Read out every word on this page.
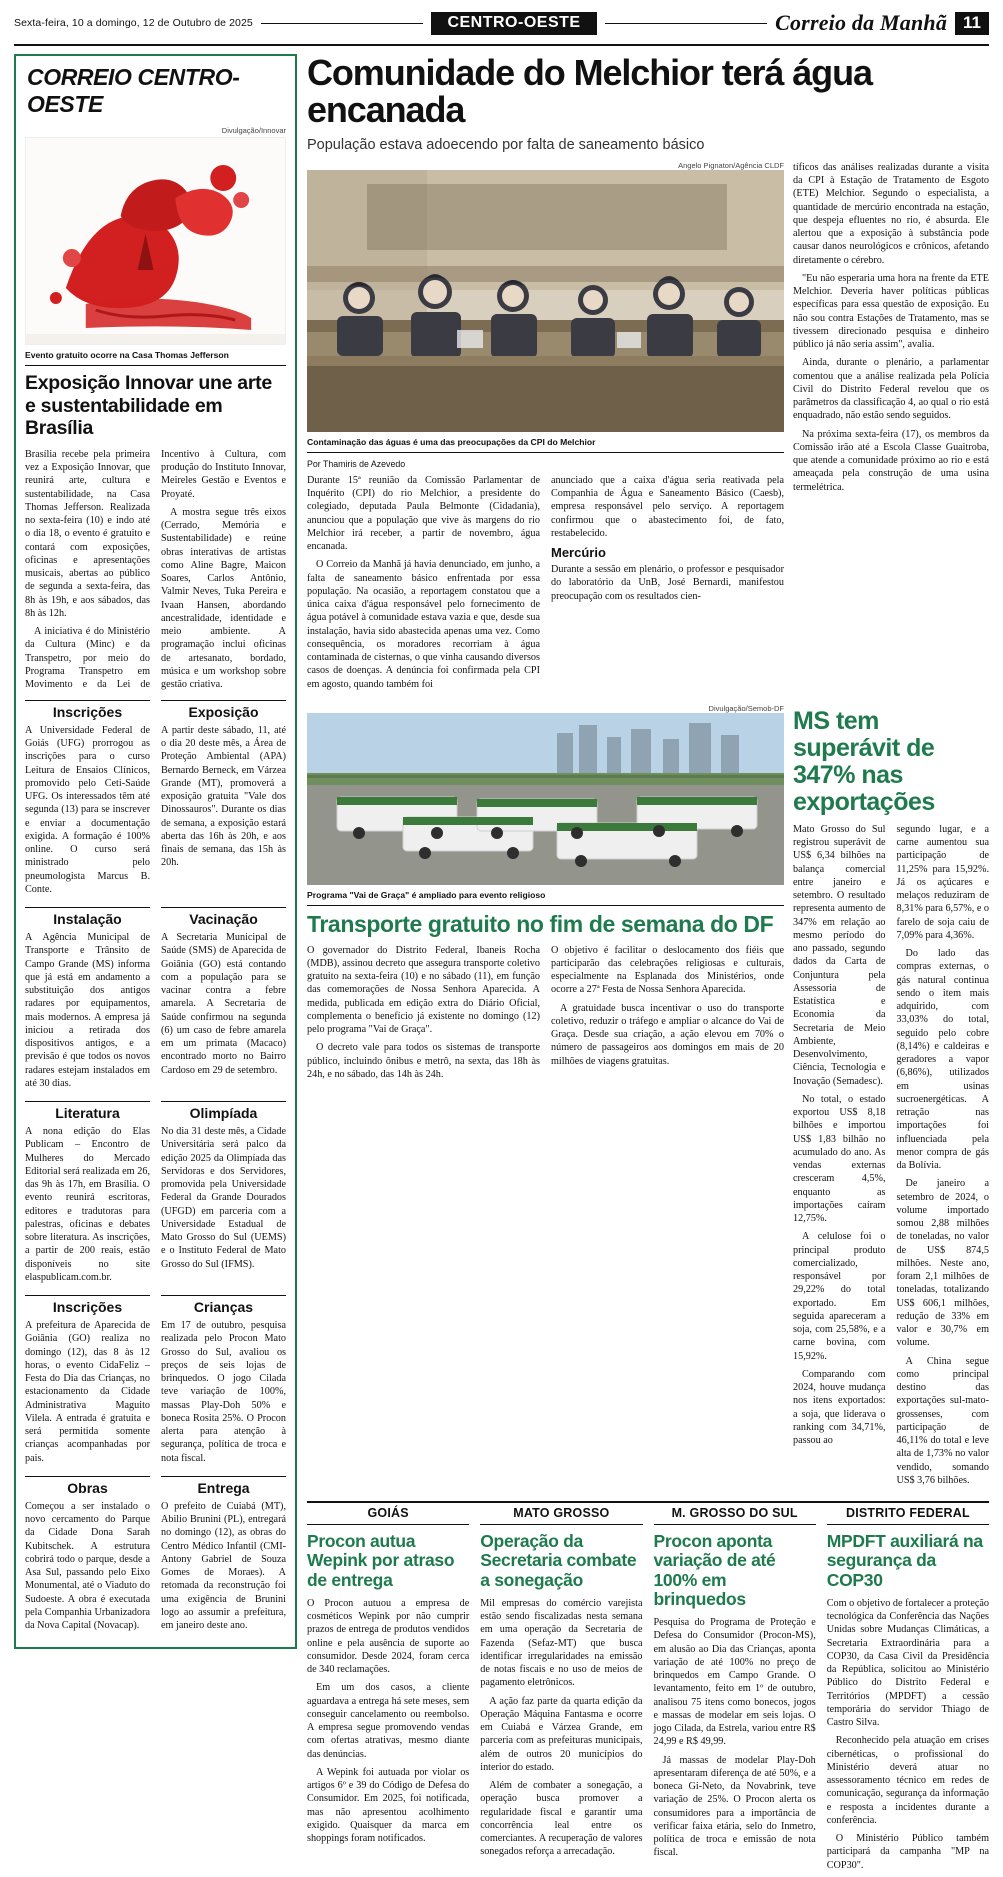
Sexta-feira, 10 a domingo, 12 de Outubro de 2025	CENTRO-OESTE	Correio da Manhã 11
CORREIO CENTRO-OESTE
Divulgação/Innovar
Evento gratuito ocorre na Casa Thomas Jefferson
Exposição Innovar une arte e sustentabilidade em Brasília

Brasília recebe pela primeira vez a Exposição Innovar, que reunirá arte, cultura e sustentabilidade, na Casa Thomas Jefferson. Realizada no sexta-feira (10) e indo até o dia 18, o evento é gratuito e contará com exposições, oficinas e apresentações musicais, abertas ao público de segunda a sexta-feira, das 8h às 19h, e aos sábados, das 8h às 12h.

A iniciativa é do Ministério da Cultura (Minc) e da Transpetro, por meio do Programa Transpetro em Movimento e da Lei de Incentivo à Cultura, com produção do Instituto Innovar, Meireles Gestão e Eventos e Proyaté.

A mostra segue três eixos (Cerrado, Memória e Sustentabilidade) e reúne obras interativas de artistas como Aline Bagre, Maicon Soares, Carlos Antônio, Valmir Neves, Tuka Pereira e Ivaan Hansen, abordando ancestralidade, identidade e meio ambiente. A programação inclui oficinas de artesanato, bordado, música e um workshop sobre gestão criativa.

Inscrições

A Universidade Federal de Goiás (UFG) prorrogou as inscrições para o curso Leitura de Ensaios Clínicos, promovido pelo Ceti-Saúde UFG. Os interessados têm até segunda (13) para se inscrever e enviar a documentação exigida. A formação é 100% online. O curso será ministrado pelo pneumologista Marcus B. Conte.

Exposição

A partir deste sábado, 11, até o dia 20 deste mês, a Área de Proteção Ambiental (APA) Bernardo Berneck, em Várzea Grande (MT), promoverá a exposição gratuita "Vale dos Dinossauros". Durante os dias de semana, a exposição estará aberta das 16h às 20h, e aos finais de semana, das 15h às 20h.

Instalação

A Agência Municipal de Transporte e Trânsito de Campo Grande (MS) informa que já está em andamento a substituição dos antigos radares por equipamentos, mais modernos. A empresa já iniciou a retirada dos dispositivos antigos, e a previsão é que todos os novos radares estejam instalados em até 30 dias.

Vacinação

A Secretaria Municipal de Saúde (SMS) de Aparecida de Goiânia (GO) está contando com a população para se vacinar contra a febre amarela. A Secretaria de Saúde confirmou na segunda (6) um caso de febre amarela em um primata (Macaco) encontrado morto no Bairro Cardoso em 29 de setembro.

Literatura

A nona edição do Elas Publicam – Encontro de Mulheres do Mercado Editorial será realizada em 26, das 9h às 17h, em Brasília. O evento reunirá escritoras, editores e tradutoras para palestras, oficinas e debates sobre literatura. As inscrições, a partir de 200 reais, estão disponíveis no site elaspublicam.com.br.

Olimpíada

No dia 31 deste mês, a Cidade Universitária será palco da edição 2025 da Olimpíada das Servidoras e dos Servidores, promovida pela Universidade Federal da Grande Dourados (UFGD) em parceria com a Universidade Estadual de Mato Grosso do Sul (UEMS) e o Instituto Federal de Mato Grosso do Sul (IFMS).

Inscrições

A prefeitura de Aparecida de Goiânia (GO) realiza no domingo (12), das 8 às 12 horas, o evento CidaFeliz – Festa do Dia das Crianças, no estacionamento da Cidade Administrativa Maguito Vilela. A entrada é gratuita e será permitida somente crianças acompanhadas por pais.

Crianças

Em 17 de outubro, pesquisa realizada pelo Procon Mato Grosso do Sul, avaliou os preços de seis lojas de brinquedos. O jogo Cilada teve variação de 100%, massas Play-Doh 50% e boneca Rosita 25%. O Procon alerta para atenção à segurança, política de troca e nota fiscal.

Obras

Começou a ser instalado o novo cercamento do Parque da Cidade Dona Sarah Kubitschek. A estrutura cobrirá todo o parque, desde a Asa Sul, passando pelo Eixo Monumental, até o Viaduto do Sudoeste. A obra é executada pela Companhia Urbanizadora da Nova Capital (Novacap).

Entrega

O prefeito de Cuiabá (MT), Abilio Brunini (PL), entregará no domingo (12), as obras do Centro Médico Infantil (CMI- Antony Gabriel de Souza Gomes de Moraes). A retomada da reconstrução foi uma exigência de Brunini logo ao assumir a prefeitura, em janeiro deste ano.

Comunidade do Melchior terá água encanada
População estava adoecendo por falta de saneamento básico
Angelo Pignaton/Agência CLDF
Contaminação das águas é uma das preocupações da CPI do Melchior
Por Thamiris de Azevedo

Durante 15ª reunião da Comissão Parlamentar de Inquérito (CPI) do rio Melchior, a presidente do colegiado, deputada Paula Belmonte (Cidadania), anunciou que a população que vive às margens do rio Melchior irá receber, a partir de novembro, água encanada.

O Correio da Manhã já havia denunciado, em junho, a falta de saneamento básico enfrentada por essa população. Na ocasião, a reportagem constatou que a única caixa d'água responsável pelo fornecimento de água potável à comunidade estava vazia e que, desde sua instalação, havia sido abastecida apenas uma vez. Como consequência, os moradores recorriam à água contaminada de cisternas, o que vinha causando diversos casos de doenças. A denúncia foi confirmada pela CPI em agosto, quando também foi

anunciado que a caixa d'água seria reativada pela Companhia de Água e Saneamento Básico (Caesb), empresa responsável pelo serviço. A reportagem confirmou que o abastecimento foi, de fato, restabelecido.

Mercúrio

Durante a sessão em plenário, o professor e pesquisador do laboratório da UnB, José Bernardi, manifestou preocupação com os resultados cien-

tíficos das análises realizadas durante a visita da CPI à Estação de Tratamento de Esgoto (ETE) Melchior. Segundo o especialista, a quantidade de mercúrio encontrada na estação, que despeja efluentes no rio, é absurda. Ele alertou que a exposição à substância pode causar danos neurológicos e crônicos, afetando diretamente o cérebro.

"Eu não esperaria uma hora na frente da ETE Melchior. Deveria haver políticas públicas específicas para essa questão de exposição. Eu não sou contra Estações de Tratamento, mas se tivessem direcionado pesquisa e dinheiro público já não seria assim", avalia.

Ainda, durante o plenário, a parlamentar comentou que a análise realizada pela Polícia Civil do Distrito Federal revelou que os parâmetros da classificação 4, ao qual o rio está enquadrado, não estão sendo seguidos.

Na próxima sexta-feira (17), os membros da Comissão irão até a Escola Classe Guaitroba, que atende a comunidade próximo ao rio e está ameaçada pela construção de uma usina termelétrica.

Divulgação/Semob-DF
Programa "Vai de Graça" é ampliado para evento religioso
Transporte gratuito no fim de semana do DF

O governador do Distrito Federal, Ibaneis Rocha (MDB), assinou decreto que assegura transporte coletivo gratuito na sexta-feira (10) e no sábado (11), em função das comemorações de Nossa Senhora Aparecida. A medida, publicada em edição extra do Diário Oficial, complementa o benefício já existente no domingo (12) pelo programa "Vai de Graça".

O decreto vale para todos os sistemas de transporte público, incluindo ônibus e metrô, na sexta, das 18h às 24h, e no sábado, das 14h às 24h.

O objetivo é facilitar o deslocamento dos fiéis que participarão das celebrações religiosas e culturais, especialmente na Esplanada dos Ministérios, onde ocorre a 27ª Festa de Nossa Senhora Aparecida.

A gratuidade busca incentivar o uso do transporte coletivo, reduzir o tráfego e ampliar o alcance do Vai de Graça. Desde sua criação, a ação elevou em 70% o número de passageiros aos domingos em mais de 20 milhões de viagens gratuitas.

MS tem superávit de 347% nas exportações

Mato Grosso do Sul registrou superávit de US$ 6,34 bilhões na balança comercial entre janeiro e setembro. O resultado representa aumento de 347% em relação ao mesmo período do ano passado, segundo dados da Carta de Conjuntura pela Assessoria de Estatística e Economia da Secretaria de Meio Ambiente, Desenvolvimento, Ciência, Tecnologia e Inovação (Semadesc).

No total, o estado exportou US$ 8,18 bilhões e importou US$ 1,83 bilhão no acumulado do ano. As vendas externas cresceram 4,5%, enquanto as importações caíram 12,75%.

A celulose foi o principal produto comercializado, responsável por 29,22% do total exportado. Em seguida apareceram a soja, com 25,58%, e a carne bovina, com 15,92%.

Comparando com 2024, houve mudança nos itens exportados: a soja, que liderava o ranking com 34,71%, passou ao

segundo lugar, e a carne aumentou sua participação de 11,25% para 15,92%. Já os açúcares e melaços reduziram de 8,31% para 6,57%, e o farelo de soja caiu de 7,09% para 4,36%.

Do lado das compras externas, o gás natural continua sendo o item mais adquirido, com 33,03% do total, seguido pelo cobre (8,14%) e caldeiras e geradores a vapor (6,86%), utilizados em usinas sucroenergéticas. A retração nas importações foi influenciada pela menor compra de gás da Bolívia.

De janeiro a setembro de 2024, o volume importado somou 2,88 milhões de toneladas, no valor de US$ 874,5 milhões. Neste ano, foram 2,1 milhões de toneladas, totalizando US$ 606,1 milhões, redução de 33% em valor e 30,7% em volume.

A China segue como principal destino das exportações sul-mato-grossenses, com participação de 46,11% do total e leve alta de 1,73% no valor vendido, somando US$ 3,76 bilhões.

GOIÁS
Procon autua Wepink por atraso de entrega

O Procon autuou a empresa de cosméticos Wepink por não cumprir prazos de entrega de produtos vendidos online e pela ausência de suporte ao consumidor. Desde 2024, foram cerca de 340 reclamações.

Em um dos casos, a cliente aguardava a entrega há sete meses, sem conseguir cancelamento ou reembolso. A empresa segue promovendo vendas com ofertas atrativas, mesmo diante das denúncias.

A Wepink foi autuada por violar os artigos 6º e 39 do Código de Defesa do Consumidor. Em 2025, foi notificada, mas não apresentou acolhimento exigido. Quaisquer da marca em shoppings foram notificados.

MATO GROSSO
Operação da Secretaria combate a sonegação

Mil empresas do comércio varejista estão sendo fiscalizadas nesta semana em uma operação da Secretaria de Fazenda (Sefaz-MT) que busca identificar irregularidades na emissão de notas fiscais e no uso de meios de pagamento eletrônicos.

A ação faz parte da quarta edição da Operação Máquina Fantasma e ocorre em Cuiabá e Várzea Grande, em parceria com as prefeituras municipais, além de outros 20 municípios do interior do estado.

Além de combater a sonegação, a operação busca promover a regularidade fiscal e garantir uma concorrência leal entre os comerciantes. A recuperação de valores sonegados reforça a arrecadação.

M. GROSSO DO SUL
Procon aponta variação de até 100% em brinquedos

Pesquisa do Programa de Proteção e Defesa do Consumidor (Procon-MS), em alusão ao Dia das Crianças, aponta variação de até 100% no preço de brinquedos em Campo Grande. O levantamento, feito em 1º de outubro, analisou 75 itens como bonecos, jogos e massas de modelar em seis lojas. O jogo Cilada, da Estrela, variou entre R$ 24,99 e R$ 49,99.

Já massas de modelar Play-Doh apresentaram diferença de até 50%, e a boneca Gi-Neto, da Novabrink, teve variação de 25%. O Procon alerta os consumidores para a importância de verificar faixa etária, selo do Inmetro, política de troca e emissão de nota fiscal.

DISTRITO FEDERAL
MPDFT auxiliará na segurança da COP30

Com o objetivo de fortalecer a proteção tecnológica da Conferência das Nações Unidas sobre Mudanças Climáticas, a Secretaria Extraordinária para a COP30, da Casa Civil da Presidência da República, solicitou ao Ministério Público do Distrito Federal e Territórios (MPDFT) a cessão temporária do servidor Thiago de Castro Silva.

Reconhecido pela atuação em crises cibernéticas, o profissional do Ministério deverá atuar no assessoramento técnico em redes de comunicação, segurança da informação e resposta a incidentes durante a conferência.

O Ministério Público também participará da campanha "MP na COP30".
